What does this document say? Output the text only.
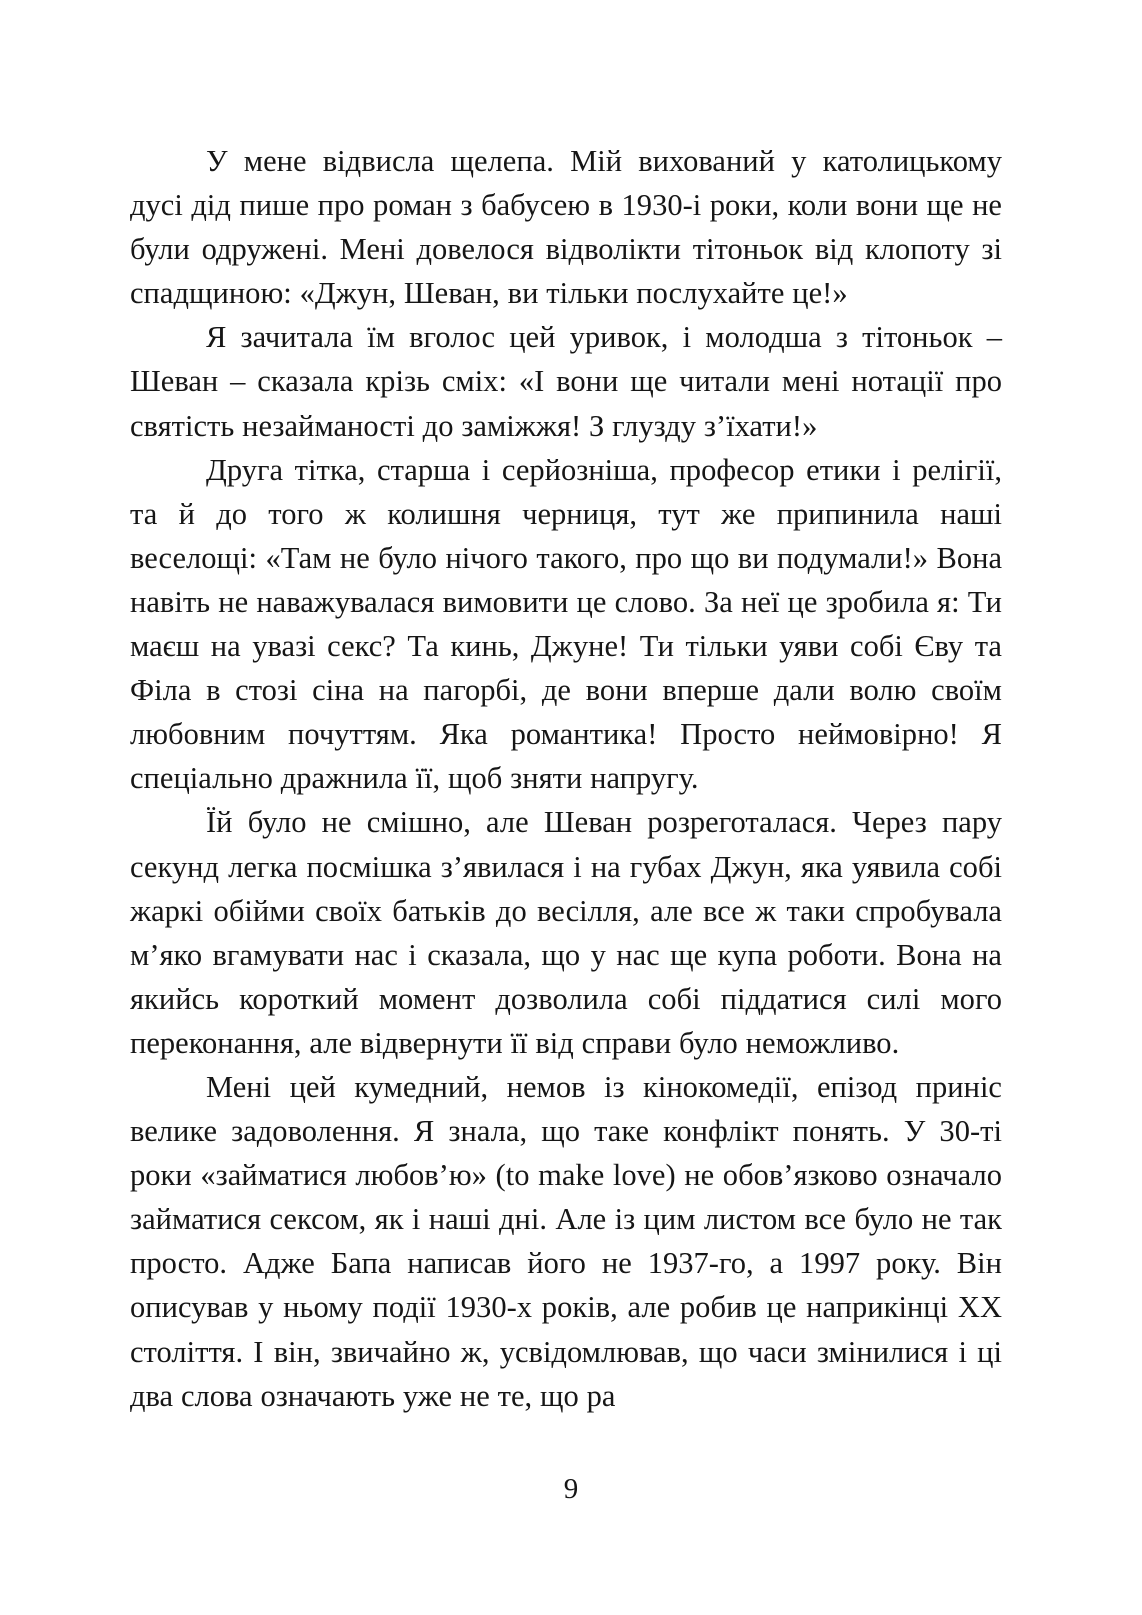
У мене відвисла щелепа. Мій вихований у католицькому дусі дід пише про роман з бабусею в 1930-і роки, коли вони ще не були одружені. Мені довелося відволікти тітоньок від клопоту зі спадщиною: «Джун, Шеван, ви тільки послухайте це!»

Я зачитала їм вголос цей уривок, і молодша з тітоньок – Шеван – сказала крізь сміх: «І вони ще читали мені нотації про святість незайманості до заміжжя! З глузду з’їхати!»

Друга тітка, старша і серйозніша, професор етики і релігії, та й до того ж колишня черниця, тут же припинила наші веселощі: «Там не було нічого такого, про що ви подумали!» Вона навіть не наважувалася вимовити це слово. За неї це зробила я: Ти маєш на увазі секс? Та кинь, Джуне! Ти тільки уяви собі Єву та Філа в стозі сіна на пагорбі, де вони вперше дали волю своїм любовним почуттям. Яка романтика! Просто неймовірно! Я спеціально дражнила її, щоб зняти напругу.

Їй було не смішно, але Шеван розреготалася. Через пару секунд легка посмішка з’явилася і на губах Джун, яка уявила собі жаркі обійми своїх батьків до весілля, але все ж таки спробувала м’яко вгамувати нас і сказала, що у нас ще купа роботи. Вона на якийсь короткий момент дозволила собі піддатися силі мого переконання, але відвернути її від справи було неможливо.

Мені цей кумедний, немов із кінокомедії, епізод приніс велике задоволення. Я знала, що таке конфлікт понять. У 30-ті роки «займатися любов’ю» (to make love) не обов’язково означало займатися сексом, як і наші дні. Але із цим листом все було не так просто. Адже Бапа написав його не 1937-го, а 1997 року. Він описував у ньому події 1930-х років, але робив це наприкінці ХХ століття. І він, звичайно ж, усвідомлював, що часи змінилися і ці два слова означають уже не те, що ра

9
